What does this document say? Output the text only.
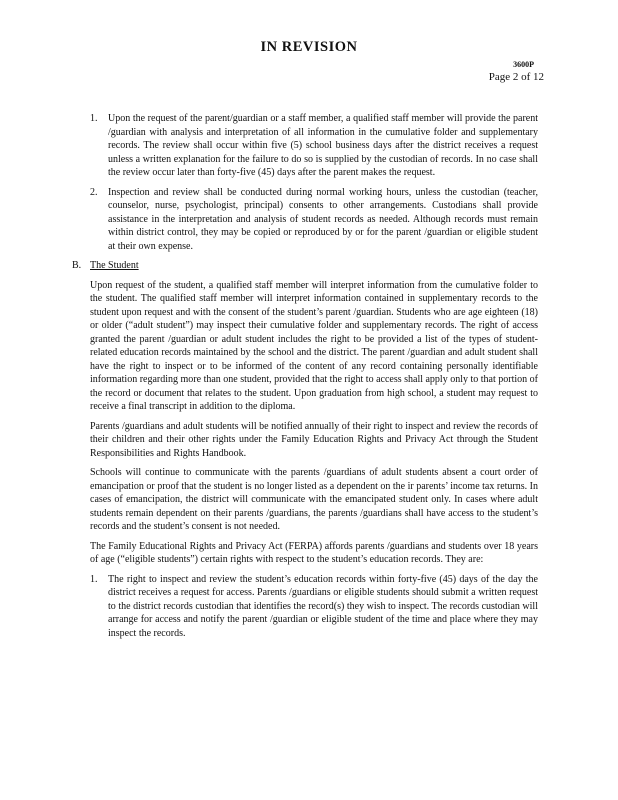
IN REVISION
3600P
Page 2 of 12
1. Upon the request of the parent/guardian or a staff member, a qualified staff member will provide the parent /guardian with analysis and interpretation of all information in the cumulative folder and supplementary records. The review shall occur within five (5) school business days after the district receives a request unless a written explanation for the failure to do so is supplied by the custodian of records. In no case shall the review occur later than forty-five (45) days after the parent makes the request.
2. Inspection and review shall be conducted during normal working hours, unless the custodian (teacher, counselor, nurse, psychologist, principal) consents to other arrangements. Custodians shall provide assistance in the interpretation and analysis of student records as needed. Although records must remain within district control, they may be copied or reproduced by or for the parent /guardian or eligible student at their own expense.
B. The Student

Upon request of the student, a qualified staff member will interpret information from the cumulative folder to the student. The qualified staff member will interpret information contained in supplementary records to the student upon request and with the consent of the student’s parent /guardian. Students who are age eighteen (18) or older (“adult student”) may inspect their cumulative folder and supplementary records. The right of access granted the parent /guardian or adult student includes the right to be provided a list of the types of student-related education records maintained by the school and the district. The parent /guardian and adult student shall have the right to inspect or to be informed of the content of any record containing personally identifiable information regarding more than one student, provided that the right to access shall apply only to that portion of the record or document that relates to the student. Upon graduation from high school, a student may request to receive a final transcript in addition to the diploma.

Parents /guardians and adult students will be notified annually of their right to inspect and review the records of their children and their other rights under the Family Education Rights and Privacy Act through the Student Responsibilities and Rights Handbook.

Schools will continue to communicate with the parents /guardians of adult students absent a court order of emancipation or proof that the student is no longer listed as a dependent on the ir parents’ income tax returns. In cases of emancipation, the district will communicate with the emancipated student only. In cases where adult students remain dependent on their parents /guardians, the parents /guardians shall have access to the student’s records and the student’s consent is not needed.

The Family Educational Rights and Privacy Act (FERPA) affords parents /guardians and students over 18 years of age (“eligible students”) certain rights with respect to the student’s education records. They are:

1. The right to inspect and review the student’s education records within forty-five (45) days of the day the district receives a request for access. Parents /guardians or eligible students should submit a written request to the district records custodian that identifies the record(s) they wish to inspect. The records custodian will arrange for access and notify the parent /guardian or eligible student of the time and place where they may inspect the records.
